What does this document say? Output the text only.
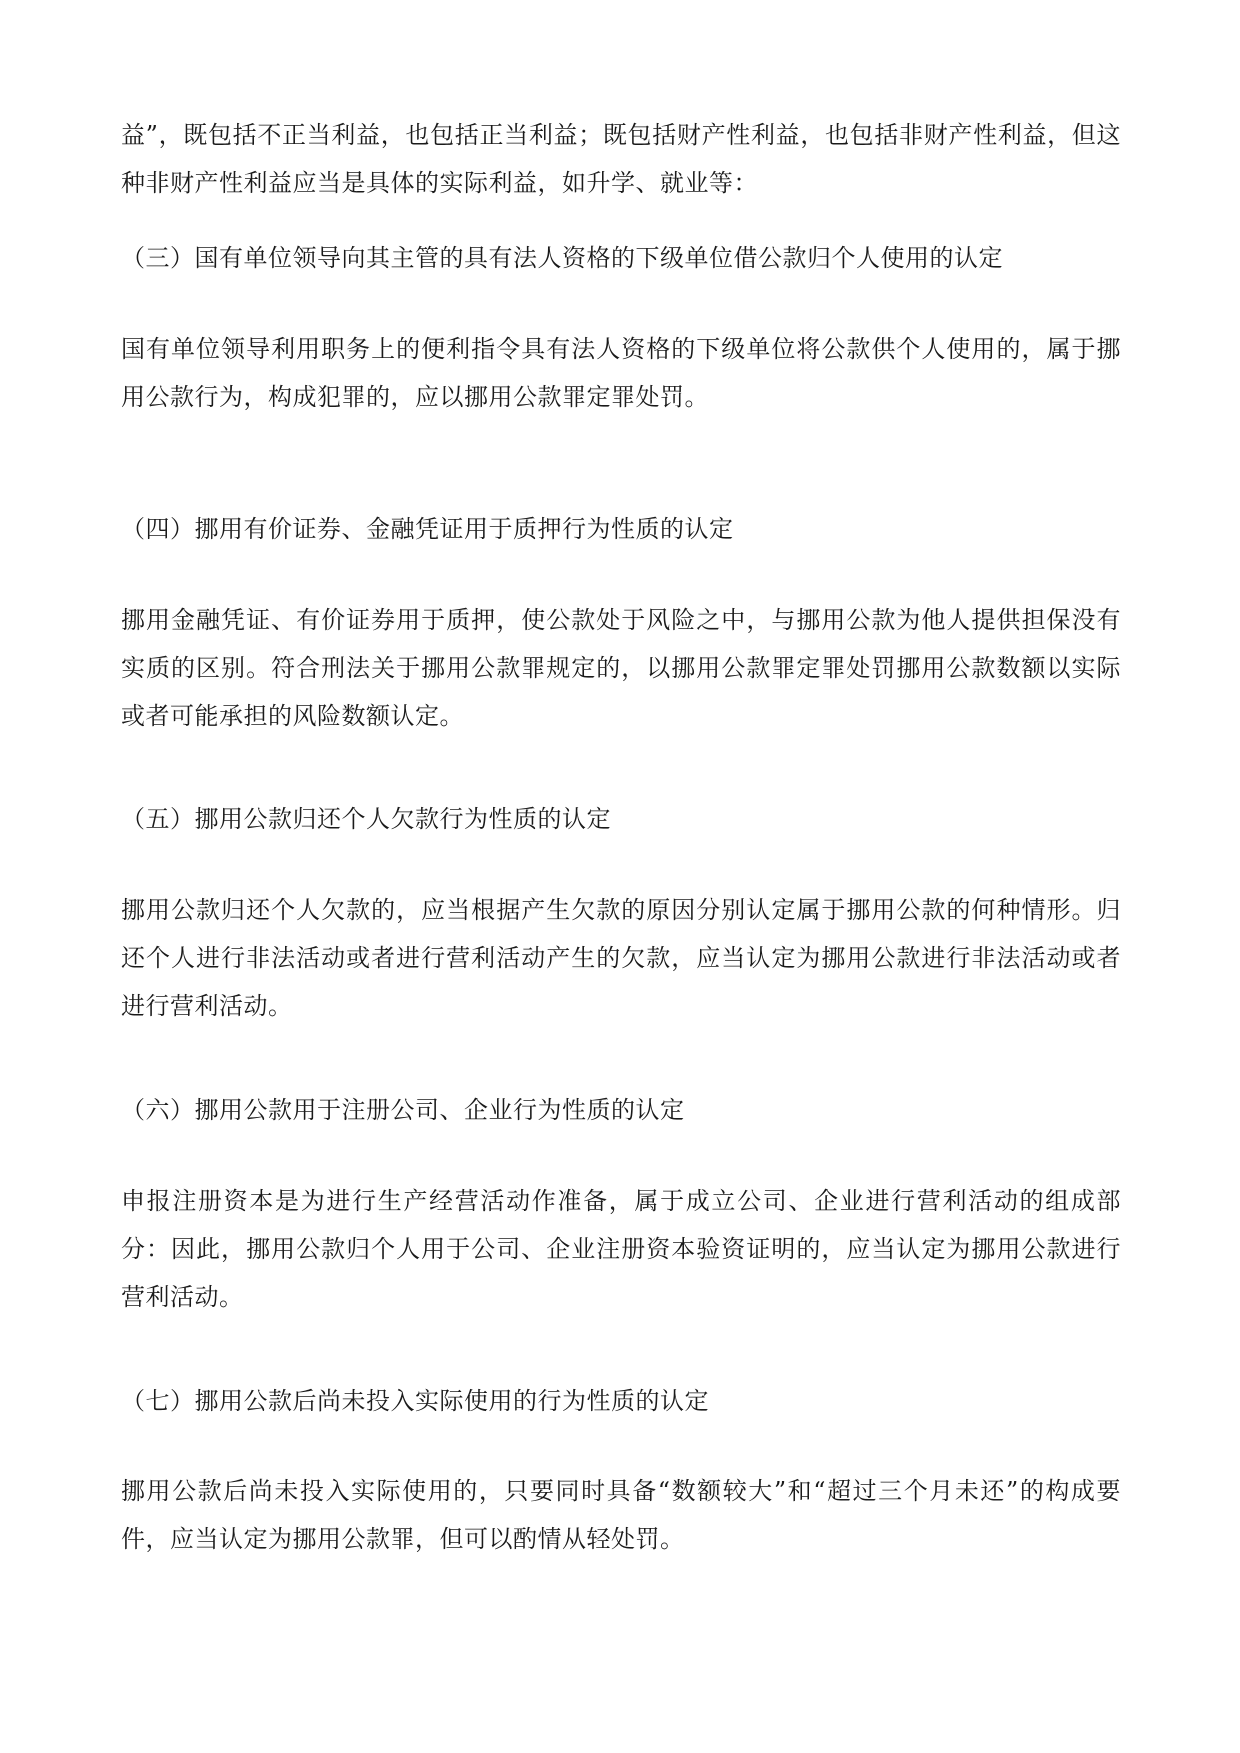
益”，既包括不正当利益，也包括正当利益；既包括财产性利益，也包括非财产性利益，但这种非财产性利益应当是具体的实际利益，如升学、就业等：

（三）国有单位领导向其主管的具有法人资格的下级单位借公款归个人使用的认定

国有单位领导利用职务上的便利指令具有法人资格的下级单位将公款供个人使用的，属于挪用公款行为，构成犯罪的，应以挪用公款罪定罪处罚。

（四）挪用有价证券、金融凭证用于质押行为性质的认定

挪用金融凭证、有价证券用于质押，使公款处于风险之中，与挪用公款为他人提供担保没有实质的区别。符合刑法关于挪用公款罪规定的，以挪用公款罪定罪处罚挪用公款数额以实际或者可能承担的风险数额认定。

（五）挪用公款归还个人欠款行为性质的认定

挪用公款归还个人欠款的，应当根据产生欠款的原因分别认定属于挪用公款的何种情形。归还个人进行非法活动或者进行营利活动产生的欠款，应当认定为挪用公款进行非法活动或者进行营利活动。

（六）挪用公款用于注册公司、企业行为性质的认定

申报注册资本是为进行生产经营活动作准备，属于成立公司、企业进行营利活动的组成部分：因此，挪用公款归个人用于公司、企业注册资本验资证明的，应当认定为挪用公款进行营利活动。

（七）挪用公款后尚未投入实际使用的行为性质的认定

挪用公款后尚未投入实际使用的，只要同时具备“数额较大”和“超过三个月未还”的构成要件，应当认定为挪用公款罪，但可以酌情从轻处罚。
